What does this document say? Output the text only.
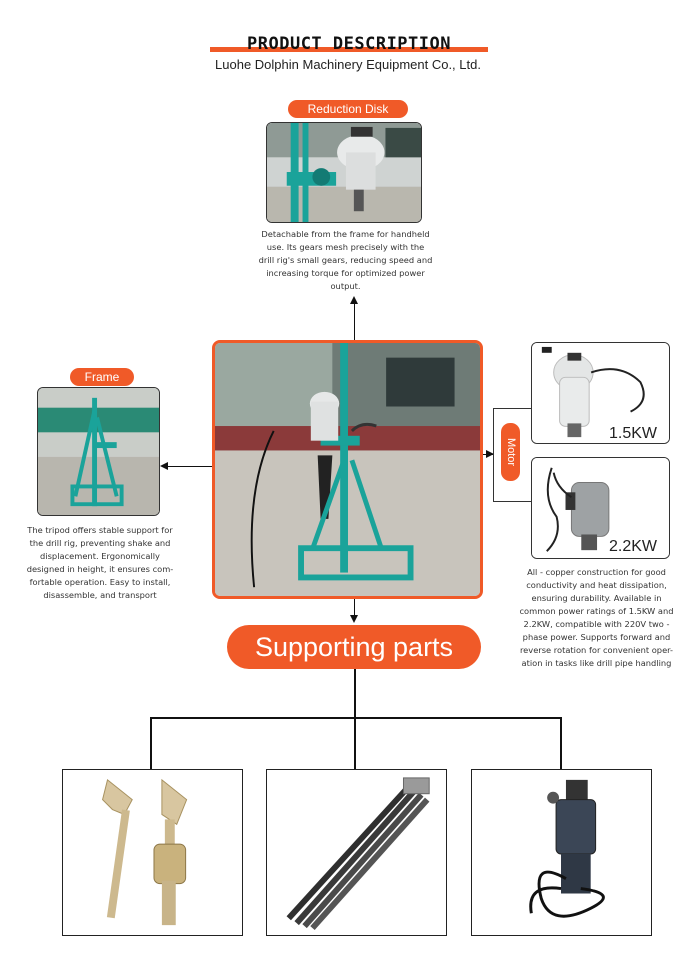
PRODUCT DESCRIPTION
Luohe Dolphin Machinery Equipment Co., Ltd.
Reduction Disk
Detachable from the frame for handheld use. Its gears mesh precisely with the drill rig's small gears, reducing speed and increasing torque for optimized power output.
Frame
The tripod offers stable support for the drill rig, preventing shake and displacement. Ergonomically designed in height, it ensures com-fortable operation. Easy to install, disassemble, and transport
Motor
1.5KW
2.2KW
All - copper construction for good conductivity and heat dissipation, ensuring durability. Available in common power ratings of 1.5KW and 2.2KW, compatible with 220V two - phase power. Supports forward and reverse rotation for convenient oper-ation in tasks like drill pipe handling
Supporting parts
